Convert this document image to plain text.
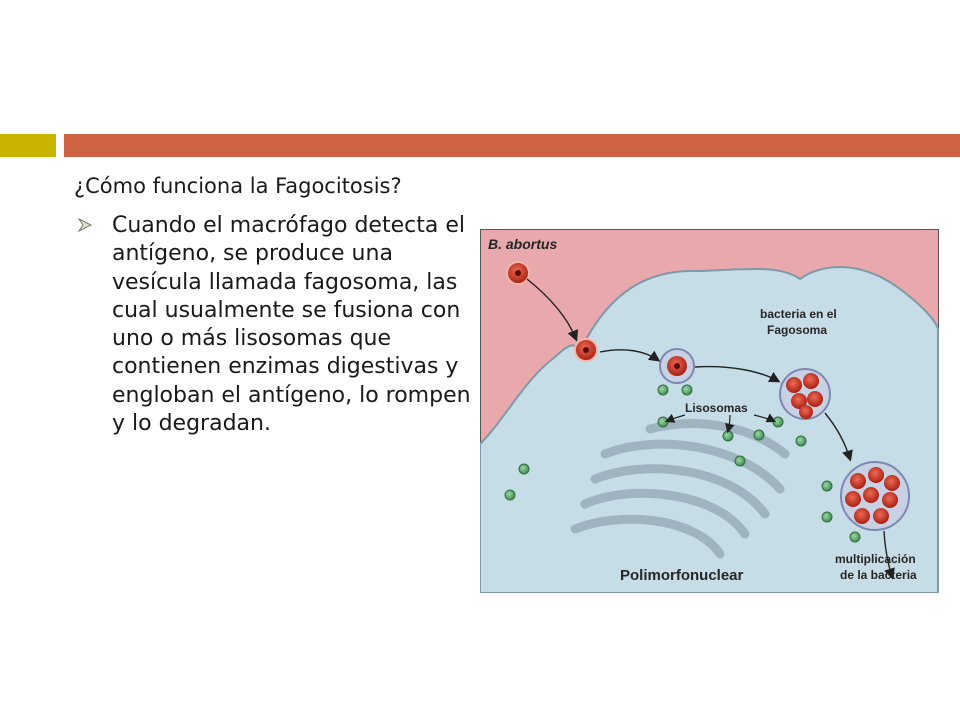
¿Cómo funciona la Fagocitosis?

Cuando el macrófago detecta el antígeno, se produce una vesícula llamada fagosoma, las cual usualmente se fusiona con uno o más lisosomas que contienen enzimas digestivas y engloban el antígeno, lo rompen y lo degradan.

B. abortus
bacteria en el
Fagosoma
Lisosomas
multiplicación
de la bacteria
Polimorfonuclear
